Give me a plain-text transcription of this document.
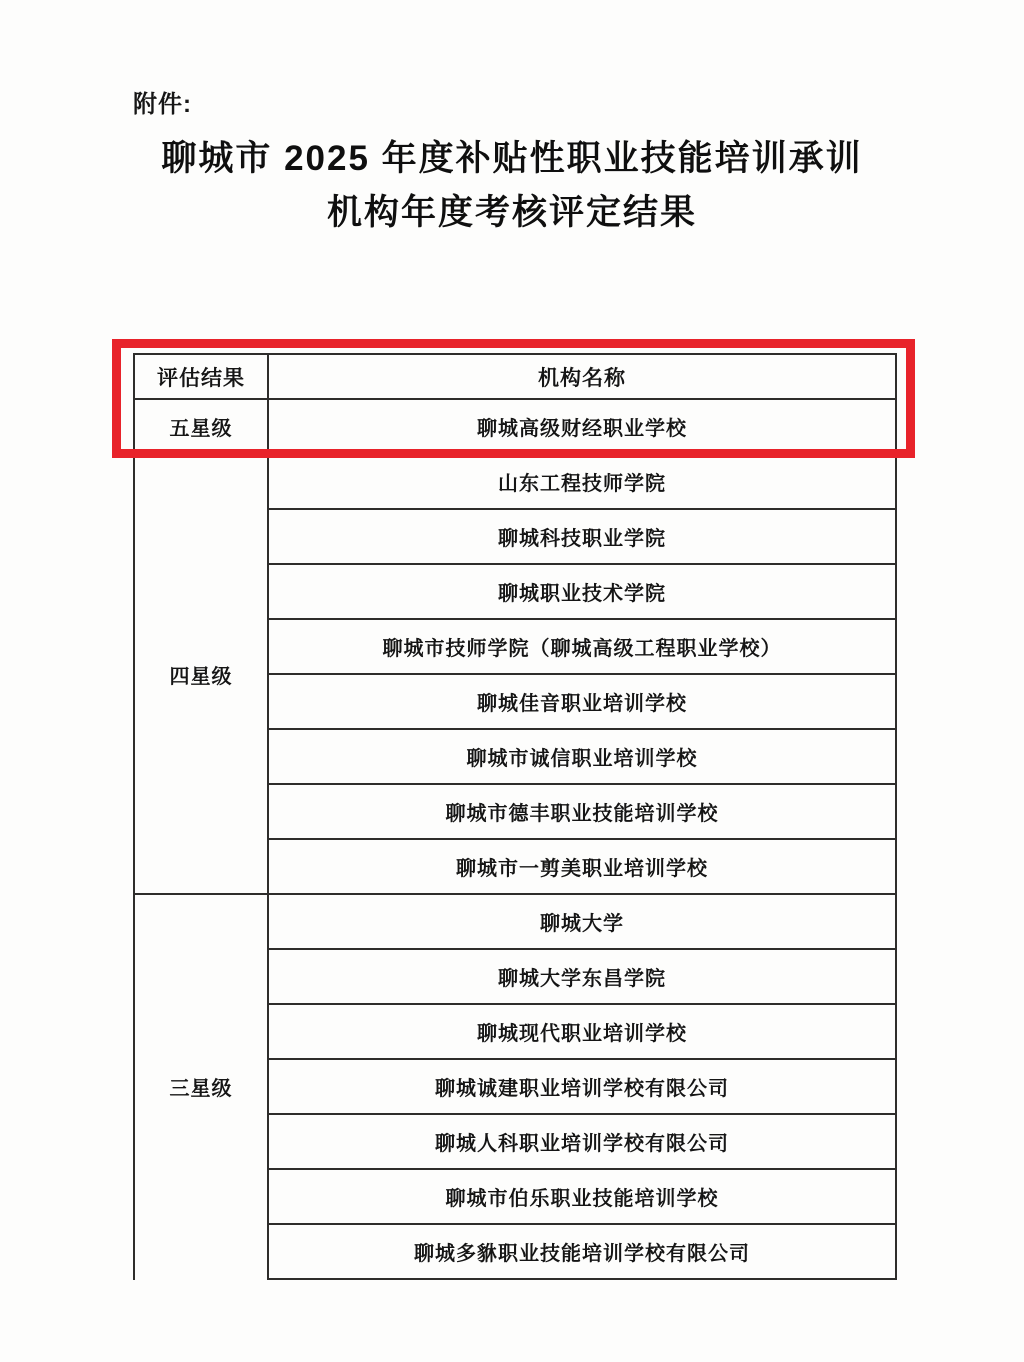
附件:
聊城市 2025 年度补贴性职业技能培训承训
机构年度考核评定结果
评估结果	机构名称
五星级	聊城高级财经职业学校
四星级	山东工程技师学院
	聊城科技职业学院
	聊城职业技术学院
	聊城市技师学院（聊城高级工程职业学校）
	聊城佳音职业培训学校
	聊城市诚信职业培训学校
	聊城市德丰职业技能培训学校
	聊城市一剪美职业培训学校
三星级	聊城大学
	聊城大学东昌学院
	聊城现代职业培训学校
	聊城诚建职业培训学校有限公司
	聊城人科职业培训学校有限公司
	聊城市伯乐职业技能培训学校
	聊城多貅职业技能培训学校有限公司
